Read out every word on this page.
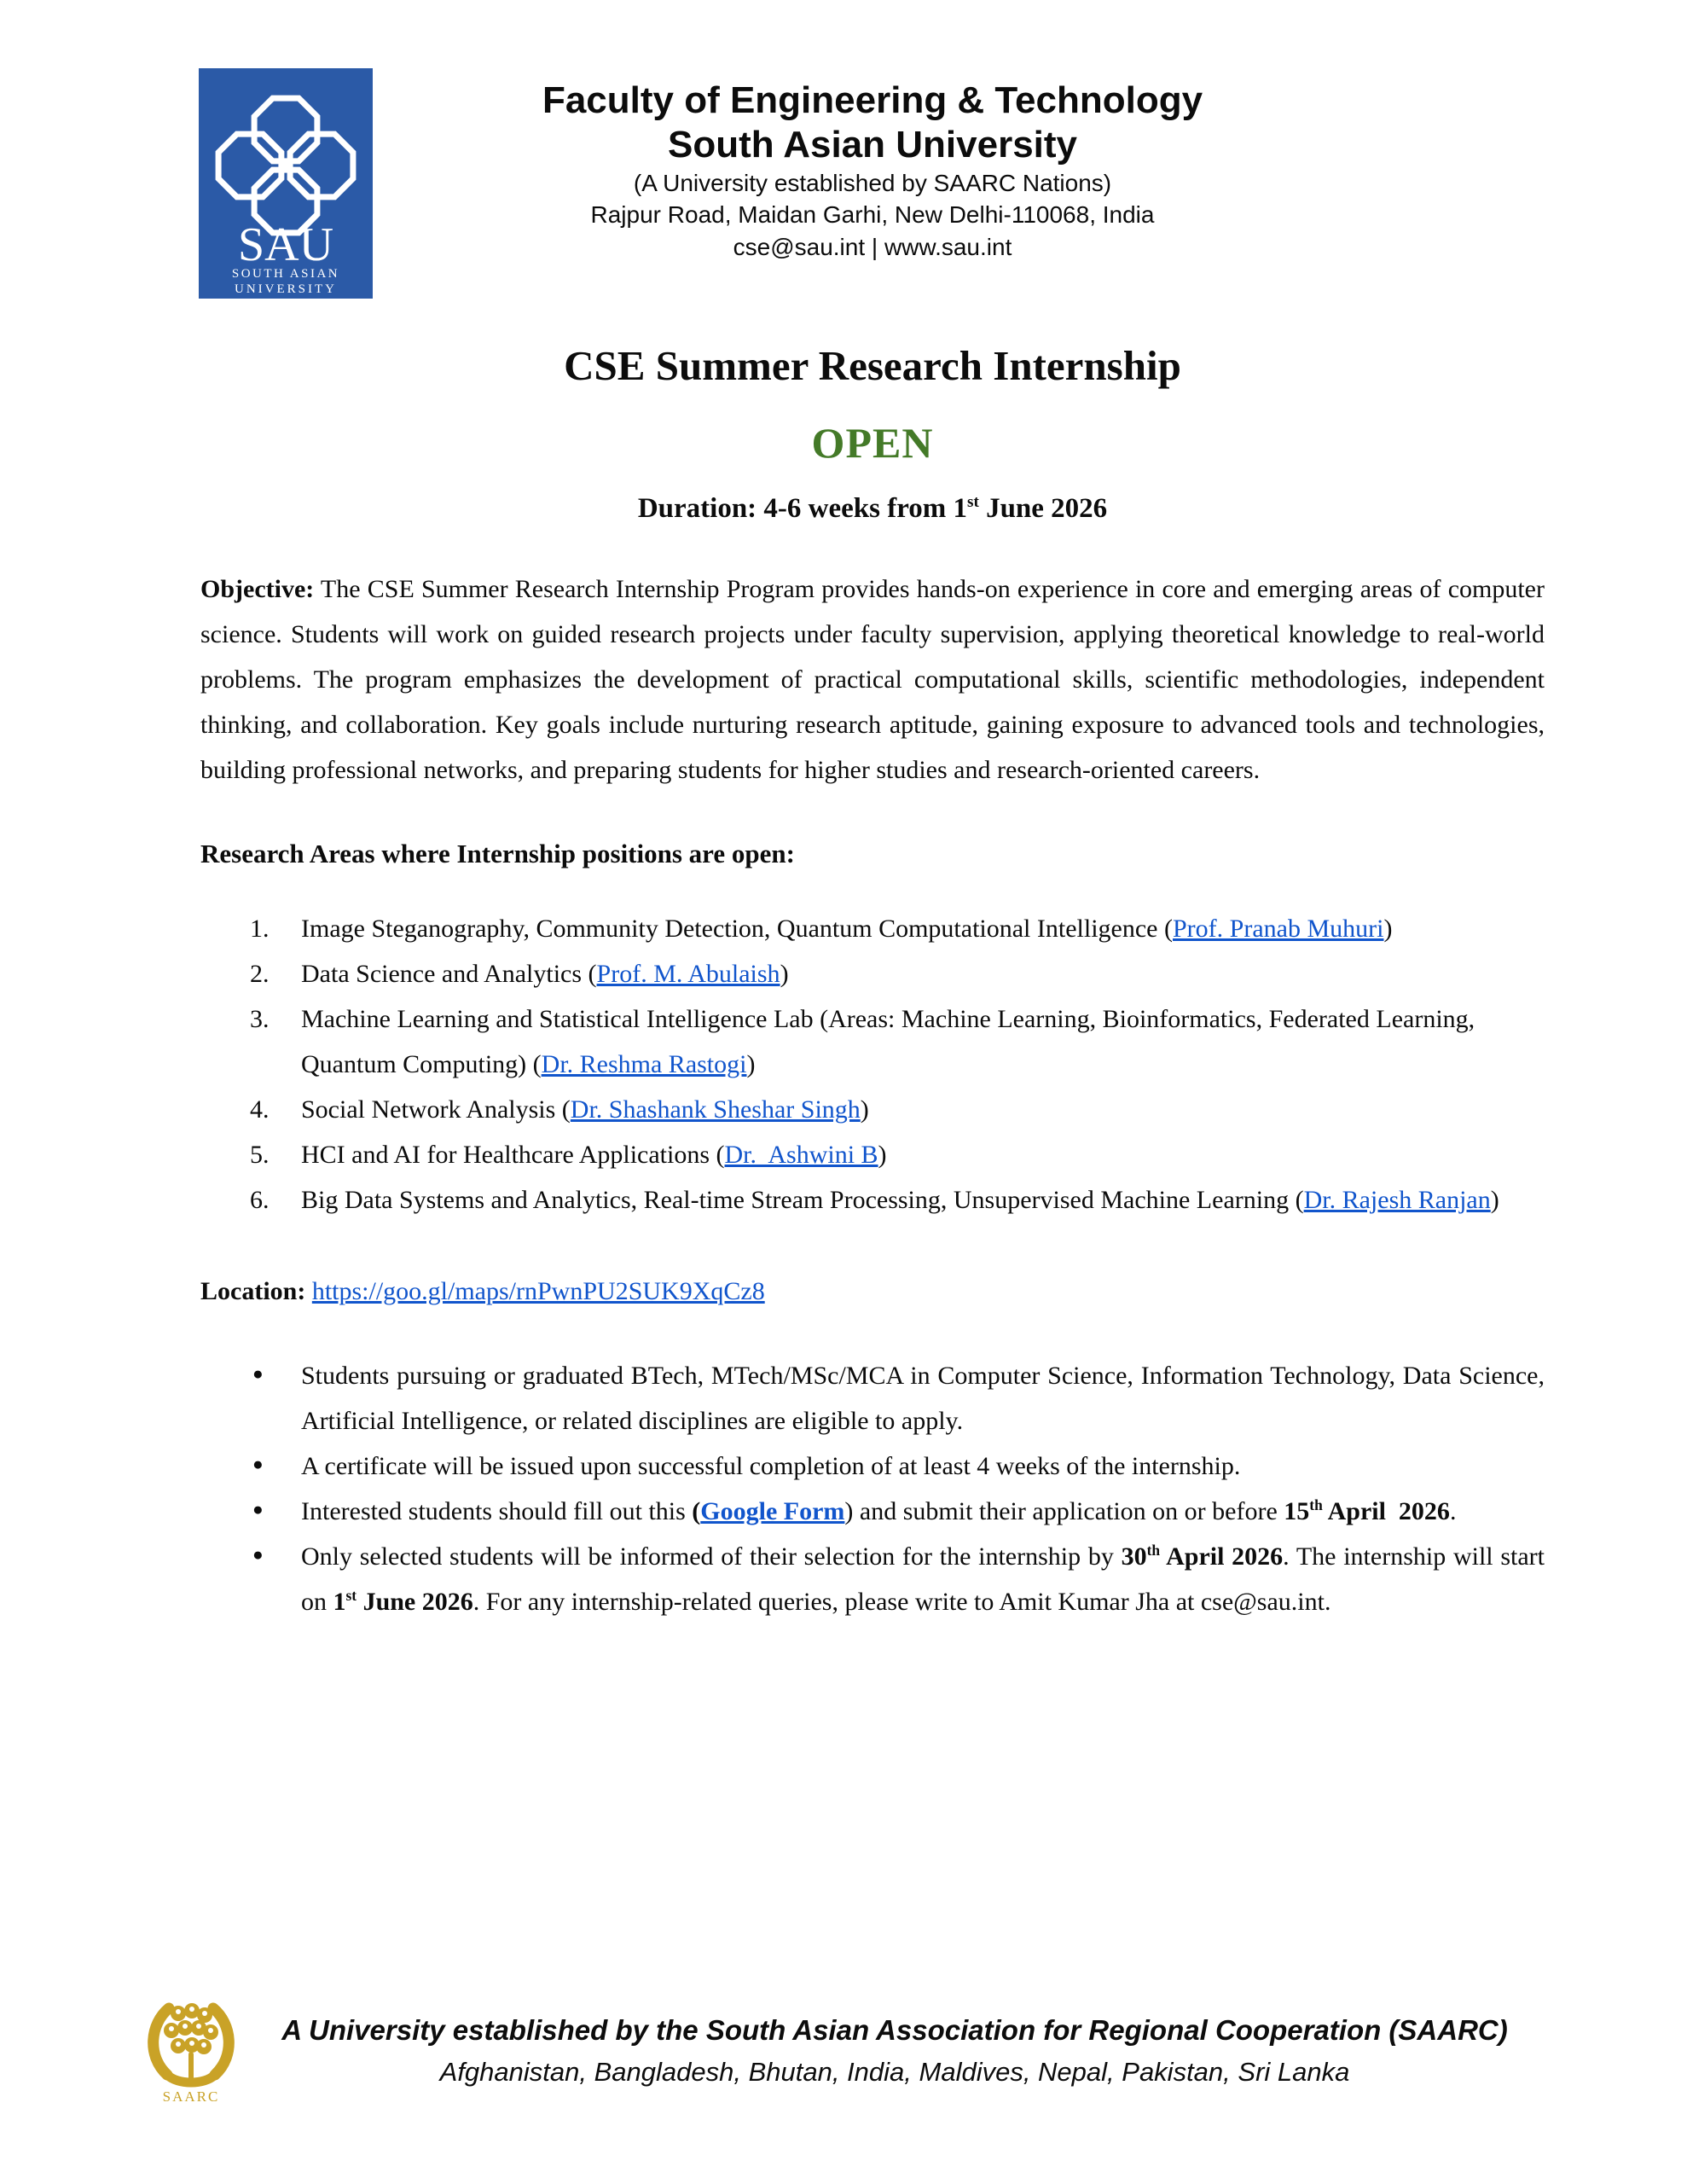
SAU
SOUTH ASIAN
UNIVERSITY
Faculty of Engineering & Technology
South Asian University
(A University established by SAARC Nations)
Rajpur Road, Maidan Garhi, New Delhi-110068, India
cse@sau.int | www.sau.int
CSE Summer Research Internship
OPEN
Duration: 4-6 weeks from 1st June 2026
Objective: The CSE Summer Research Internship Program provides hands-on experience in core and emerging areas of computer science. Students will work on guided research projects under faculty supervision, applying theoretical knowledge to real-world problems. The program emphasizes the development of practical computational skills, scientific methodologies, independent thinking, and collaboration. Key goals include nurturing research aptitude, gaining exposure to advanced tools and technologies, building professional networks, and preparing students for higher studies and research-oriented careers.
Research Areas where Internship positions are open:
1.	Image Steganography, Community Detection, Quantum Computational Intelligence (Prof. Pranab Muhuri)
2.	Data Science and Analytics (Prof. M. Abulaish)
3.	Machine Learning and Statistical Intelligence Lab (Areas: Machine Learning, Bioinformatics, Federated Learning, Quantum Computing) (Dr. Reshma Rastogi)
4.	Social Network Analysis (Dr. Shashank Sheshar Singh)
5.	HCI and AI for Healthcare Applications (Dr.  Ashwini B)
6.	Big Data Systems and Analytics, Real-time Stream Processing, Unsupervised Machine Learning (Dr. Rajesh Ranjan)
Location: https://goo.gl/maps/rnPwnPU2SUK9XqCz8
● Students pursuing or graduated BTech, MTech/MSc/MCA in Computer Science, Information Technology, Data Science, Artificial Intelligence, or related disciplines are eligible to apply.
● A certificate will be issued upon successful completion of at least 4 weeks of the internship.
● Interested students should fill out this (Google Form) and submit their application on or before 15th April  2026.
● Only selected students will be informed of their selection for the internship by 30th April 2026. The internship will start on 1st June 2026. For any internship-related queries, please write to Amit Kumar Jha at cse@sau.int.
SAARC
A University established by the South Asian Association for Regional Cooperation (SAARC)
Afghanistan, Bangladesh, Bhutan, India, Maldives, Nepal, Pakistan, Sri Lanka
